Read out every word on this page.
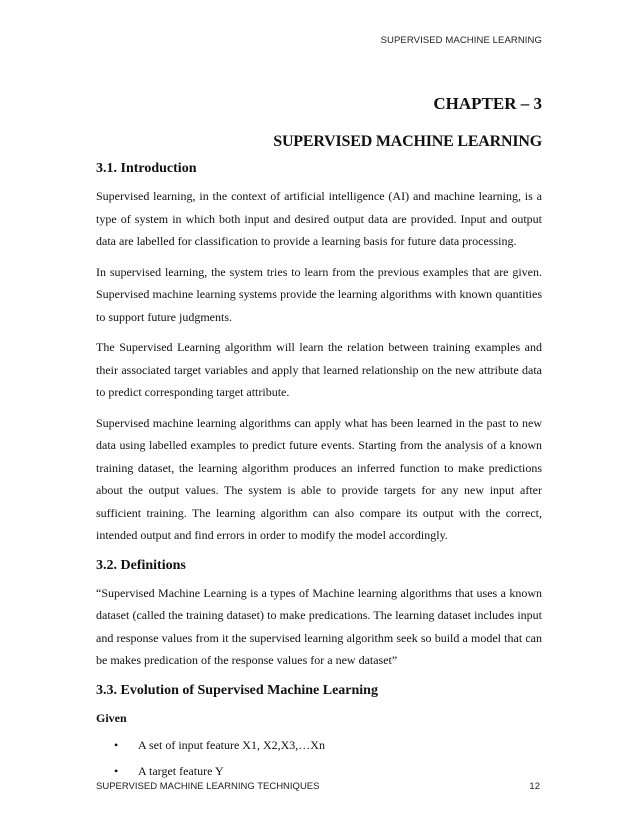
SUPERVISED MACHINE LEARNING
CHAPTER – 3
SUPERVISED MACHINE LEARNING
3.1. Introduction

Supervised learning, in the context of artificial intelligence (AI) and machine learning, is a type of system in which both input and desired output data are provided. Input and output data are labelled for classification to provide a learning basis for future data processing.

In supervised learning, the system tries to learn from the previous examples that are given. Supervised machine learning systems provide the learning algorithms with known quantities to support future judgments.

The Supervised Learning algorithm will learn the relation between training examples and their associated target variables and apply that learned relationship on the new attribute data to predict corresponding target attribute.

Supervised machine learning algorithms can apply what has been learned in the past to new data using labelled examples to predict future events. Starting from the analysis of a known training dataset, the learning algorithm produces an inferred function to make predictions about the output values. The system is able to provide targets for any new input after sufficient training. The learning algorithm can also compare its output with the correct, intended output and find errors in order to modify the model accordingly.

3.2. Definitions

“Supervised Machine Learning is a types of Machine learning algorithms that uses a known dataset (called the training dataset) to make predications. The learning dataset includes input and response values from it the supervised learning algorithm seek so build a model that can be makes predication of the response values for a new dataset”

3.3. Evolution of Supervised Machine Learning
Given
• A set of input feature X1, X2,X3,…Xn
• A target feature Y
SUPERVISED MACHINE LEARNING TECHNIQUES	12
